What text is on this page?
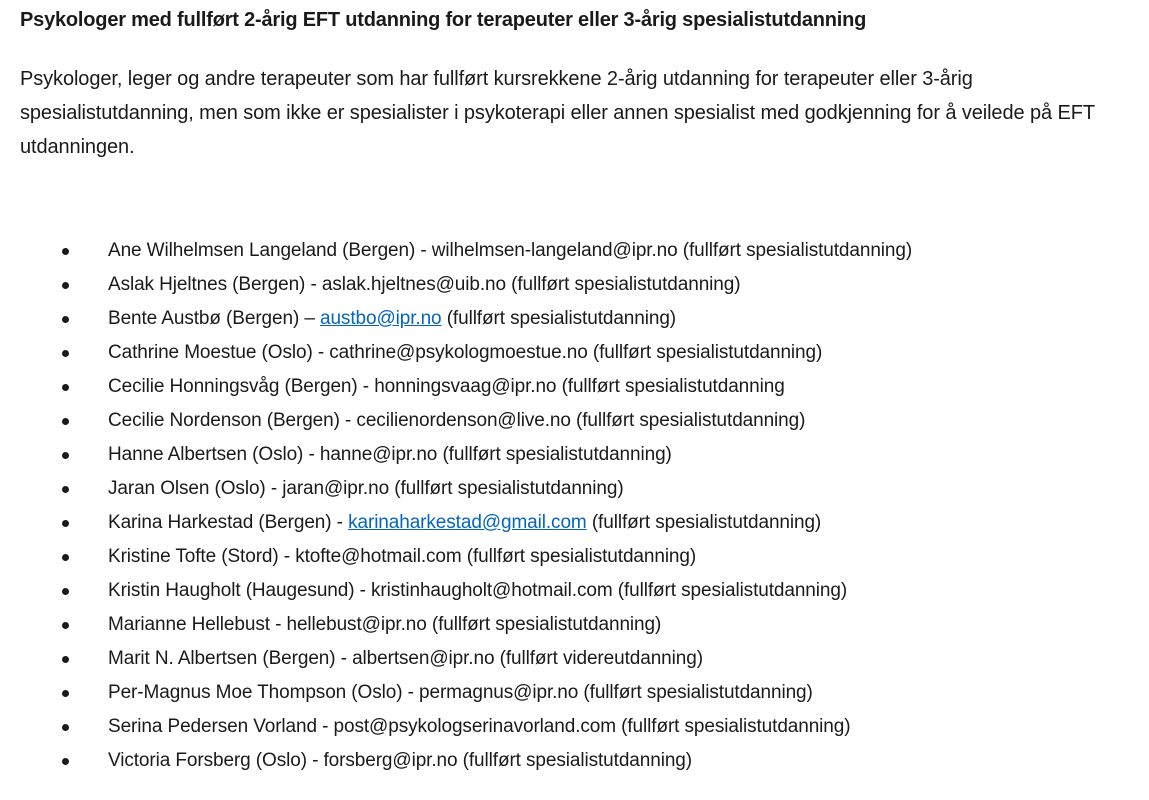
Psykologer med fullført 2-årig EFT utdanning for terapeuter eller 3-årig spesialistutdanning

Psykologer, leger og andre terapeuter som har fullført kursrekkene 2-årig utdanning for terapeuter eller 3-årig spesialistutdanning, men som ikke er spesialister i psykoterapi eller annen spesialist med godkjenning for å veilede på EFT utdanningen.

Ane Wilhelmsen Langeland (Bergen) - wilhelmsen-langeland@ipr.no (fullført spesialistutdanning)
Aslak Hjeltnes (Bergen) - aslak.hjeltnes@uib.no (fullført spesialistutdanning)
Bente Austbø (Bergen) – austbo@ipr.no (fullført spesialistutdanning)
Cathrine Moestue (Oslo) - cathrine@psykologmoestue.no (fullført spesialistutdanning)
Cecilie Honningsvåg (Bergen) - honningsvaag@ipr.no (fullført spesialistutdanning
Cecilie Nordenson (Bergen) - cecilienordenson@live.no (fullført spesialistutdanning)
Hanne Albertsen (Oslo) - hanne@ipr.no (fullført spesialistutdanning)
Jaran Olsen (Oslo) - jaran@ipr.no (fullført spesialistutdanning)
Karina Harkestad (Bergen) - karinaharkestad@gmail.com (fullført spesialistutdanning)
Kristine Tofte (Stord) - ktofte@hotmail.com (fullført spesialistutdanning)
Kristin Haugholt (Haugesund) - kristinhaugholt@hotmail.com (fullført spesialistutdanning)
Marianne Hellebust - hellebust@ipr.no (fullført spesialistutdanning)
Marit N. Albertsen (Bergen) - albertsen@ipr.no (fullført videreutdanning)
Per-Magnus Moe Thompson (Oslo) - permagnus@ipr.no (fullført spesialistutdanning)
Serina Pedersen Vorland - post@psykologserinavorland.com (fullført spesialistutdanning)
Victoria Forsberg (Oslo) - forsberg@ipr.no (fullført spesialistutdanning)
